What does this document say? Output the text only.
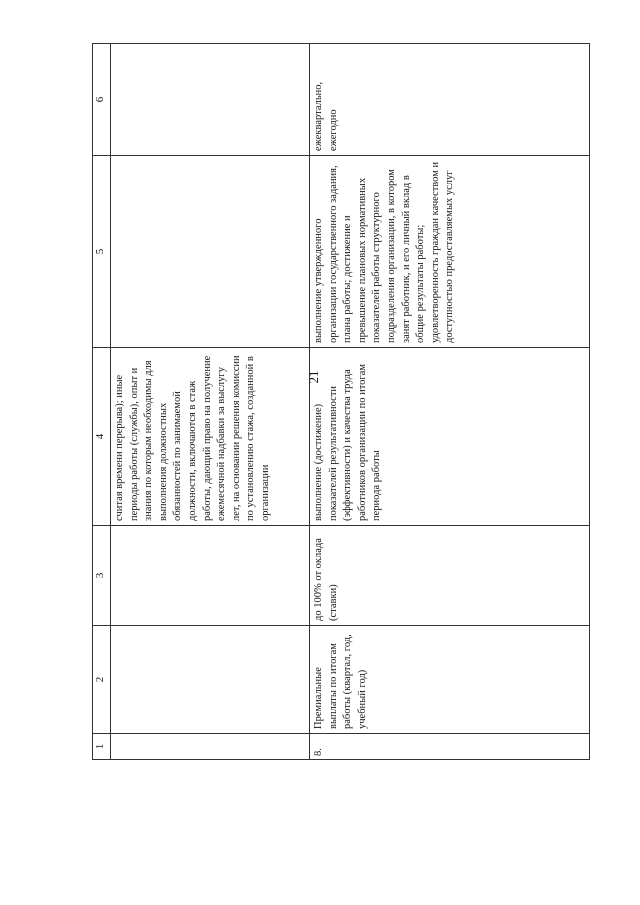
21
1	2	3	4	5	6
			считая времени перерыва); иные периоды работы (службы), опыт и знания по которым необходимы для выполнения должностных обязанностей по занимаемой должности, включаются в стаж работы, дающий право на получение ежемесячной надбавки за выслугу лет, на основании решения комиссии по установлению стажа, созданной в организации		
8.	Премиальные выплаты по итогам работы (квартал, год, учебный год)	до 100% от оклада (ставки)	выполнение (достижение) показателей результативности (эффективности) и качества труда работников организации по итогам периода работы	выполнение утвержденного организации государственного задания, плана работы; достижение и превышение плановых нормативных показателей работы структурного подразделения организации, в котором занят работник, и его личный вклад в общие результаты работы; удовлетворенность граждан качеством и доступностью предоставляемых услуг	ежеквартально, ежегодно
